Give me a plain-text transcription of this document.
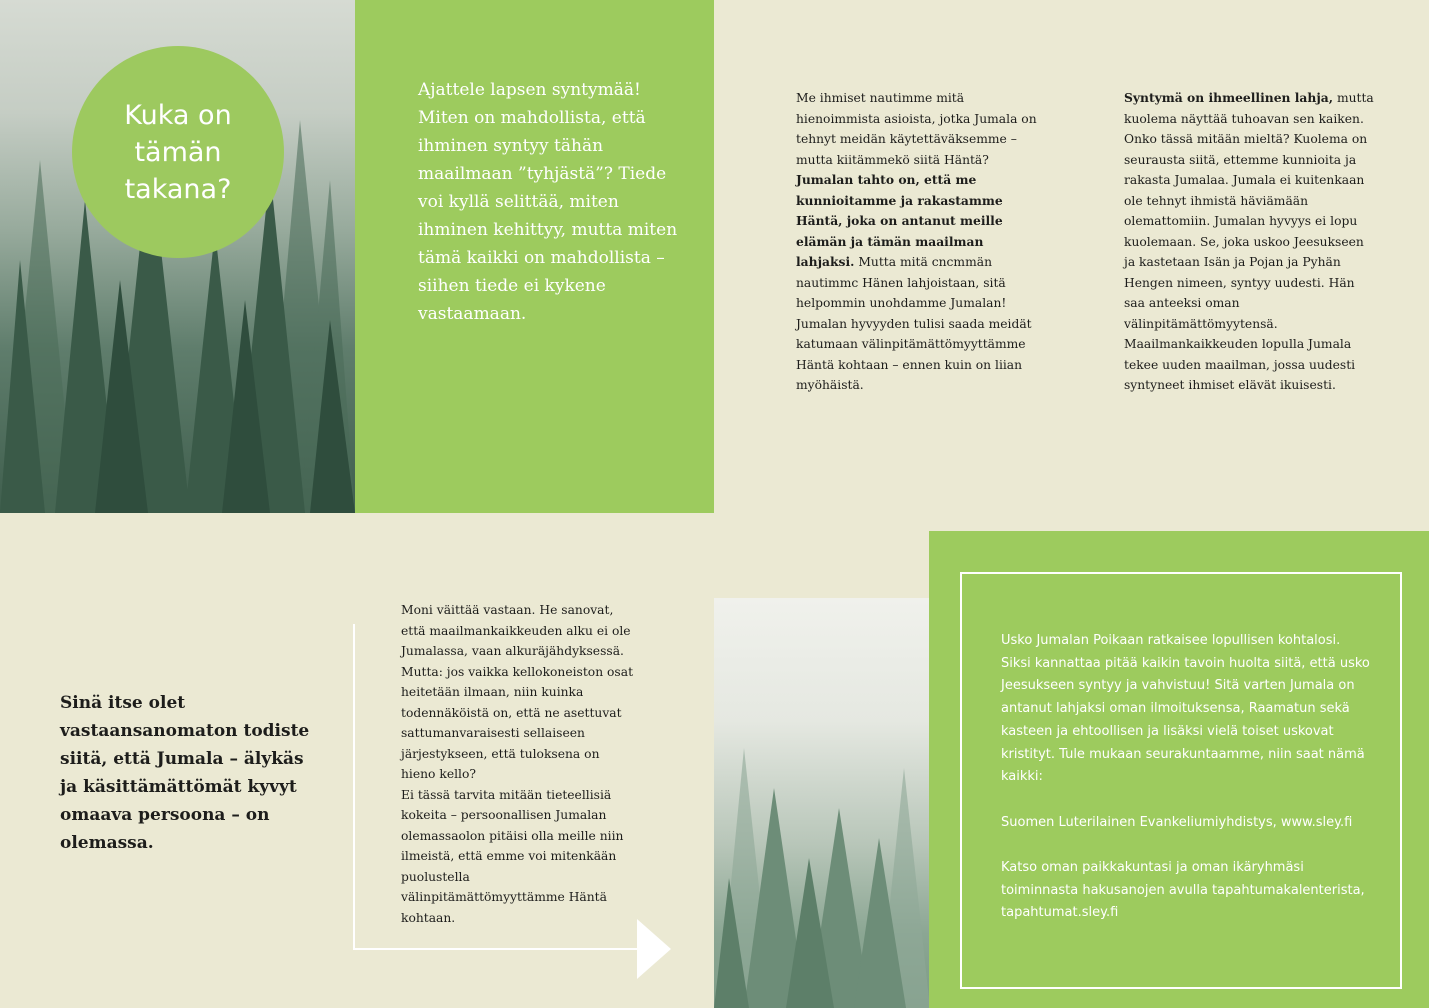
Kuka on
tämän
takana?
Ajattele lapsen syntymää! Miten on mahdollista, että ihminen syntyy tähän maailmaan ”tyhjästä”? Tiede voi kyllä selittää, miten ihminen kehittyy, mutta miten tämä kaikki on mahdollista – siihen tiede ei kykene vastaamaan.
Me ihmiset nautimme mitä hienoimmista asioista, jotka Jumala on tehnyt meidän käytettäväksemme – mutta kiitämmekö siitä Häntä? Jumalan tahto on, että me kunnioitamme ja rakastamme Häntä, joka on antanut meille elämän ja tämän maailman lahjaksi. Mutta mitä cncmmän nautimmc Hänen lahjoistaan, sitä helpommin unohdamme Jumalan! Jumalan hyvyyden tulisi saada meidät katumaan välinpitämättömyyttämme Häntä kohtaan – ennen kuin on liian myöhäistä.
Syntymä on ihmeellinen lahja, mutta kuolema näyttää tuhoavan sen kaiken. Onko tässä mitään mieltä? Kuolema on seurausta siitä, ettemme kunnioita ja rakasta Jumalaa. Jumala ei kuitenkaan ole tehnyt ihmistä häviämään olemattomiin. Jumalan hyvyys ei lopu kuolemaan. Se, joka uskoo Jeesukseen ja kastetaan Isän ja Pojan ja Pyhän Hengen nimeen, syntyy uudesti. Hän saa anteeksi oman välinpitämättömyytensä. Maailmankaikkeuden lopulla Jumala tekee uuden maailman, jossa uudesti syntyneet ihmiset elävät ikuisesti.
Sinä itse olet vastaansanomaton todiste siitä, että Jumala – älykäs ja käsittämättömät kyvyt omaava persoona – on olemassa.
Moni väittää vastaan. He sanovat, että maailmankaikkeuden alku ei ole Jumalassa, vaan alkuräjähdyksessä. Mutta: jos vaikka kellokoneiston osat heitetään ilmaan, niin kuinka todennäköistä on, että ne asettuvat sattumanvaraisesti sellaiseen järjestykseen, että tuloksena on hieno kello?
Ei tässä tarvita mitään tieteellisiä kokeita – persoonallisen Jumalan olemassaolon pitäisi olla meille niin ilmeistä, että emme voi mitenkään puolustella välinpitämättömyyttämme Häntä kohtaan.

Usko Jumalan Poikaan ratkaisee lopullisen kohtalosi. Siksi kannattaa pitää kaikin tavoin huolta siitä, että usko Jeesukseen syntyy ja vahvistuu! Sitä varten Jumala on antanut lahjaksi oman ilmoituksensa, Raamatun sekä kasteen ja ehtoollisen ja lisäksi vielä toiset uskovat kristityt. Tule mukaan seurakuntaamme, niin saat nämä kaikki:

Suomen Luterilainen Evankeliumiyhdistys, www.sley.fi

Katso oman paikkakuntasi ja oman ikäryhmäsi toiminnasta hakusanojen avulla tapahtumakalenterista, tapahtumat.sley.fi
